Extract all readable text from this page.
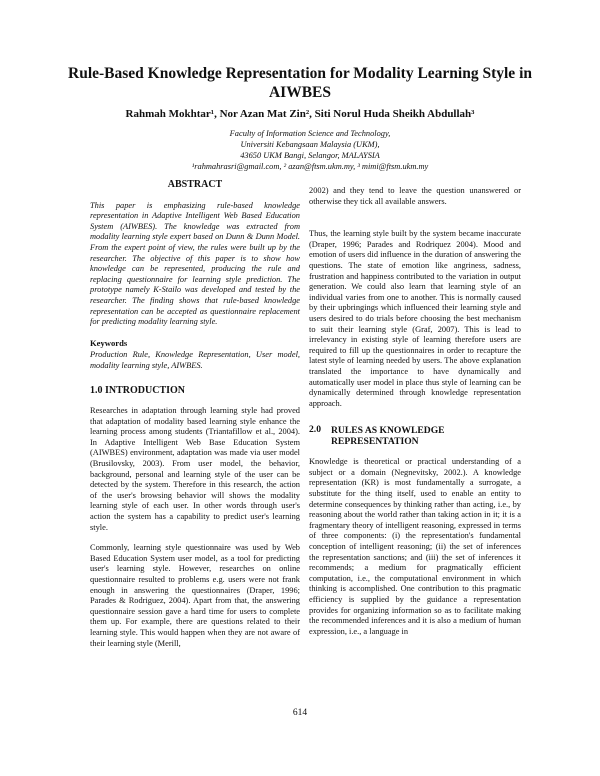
Rule-Based Knowledge Representation for Modality Learning Style in AIWBES
Rahmah Mokhtar¹, Nor Azan Mat Zin², Siti Norul Huda Sheikh Abdullah³
Faculty of Information Science and Technology,
Universiti Kebangsaan Malaysia (UKM),
43650 UKM Bangi, Selangor, MALAYSIA
¹rahmahrasri@gmail.com, ² azan@ftsm.ukm.my, ³ mimi@ftsm.ukm.my
ABSTRACT

This paper is emphasizing rule-based knowledge representation in Adaptive Intelligent Web Based Education System (AIWBES). The knowledge was extracted from modality learning style expert based on Dunn & Dunn Model. From the expert point of view, the rules were built up by the researcher. The objective of this paper is to show how knowledge can be represented, producing the rule and replacing questionnaire for learning style prediction. The prototype namely K-Stailo was developed and tested by the researcher. The finding shows that rule-based knowledge representation can be accepted as questionnaire replacement for predicting modality learning style.

Keywords

Production Rule, Knowledge Representation, User model, modality learning style, AIWBES.

1.0 INTRODUCTION

Researches in adaptation through learning style had proved that adaptation of modality based learning style enhance the learning process among students (Triantafillow et al., 2004). In Adaptive Intelligent Web Base Education System (AIWBES) environment, adaptation was made via user model (Brusilovsky, 2003). From user model, the behavior, background, personal and learning style of the user can be detected by the system. Therefore in this research, the action of the user's browsing behavior will shows the modality learning style of each user. In other words through user's action the system has a capability to predict user's learning style.

Commonly, learning style questionnaire was used by Web Based Education System user model, as a tool for predicting user's learning style. However, researches on online questionnaire resulted to problems e.g. users were not frank enough in answering the questionnaires (Draper, 1996; Parades & Rodriguez, 2004). Apart from that, the answering questionnaire session gave a hard time for users to complete them up. For example, there are questions related to their learning style. This would happen when they are not aware of their learning style (Merill,

2002) and they tend to leave the question unanswered or otherwise they tick all available answers.

Thus, the learning style built by the system became inaccurate (Draper, 1996; Parades and Rodriquez 2004). Mood and emotion of users did influence in the duration of answering the questions. The state of emotion like angriness, sadness, frustration and happiness contributed to the variation in output generation. We could also learn that learning style of an individual varies from one to another. This is normally caused by their upbringings which influenced their learning style and users desired to do trials before choosing the best mechanism to suit their learning style (Graf, 2007). This is lead to irrelevancy in existing style of learning therefore users are required to fill up the questionnaires in order to recapture the latest style of learning needed by users. The above explanation translated the importance to have dynamically and automatically user model in place thus style of learning can be dynamically determined through knowledge representation approach.

2.0	RULES AS KNOWLEDGE REPRESENTATION

Knowledge is theoretical or practical understanding of a subject or a domain (Negnevitsky, 2002.). A knowledge representation (KR) is most fundamentally a surrogate, a substitute for the thing itself, used to enable an entity to determine consequences by thinking rather than acting, i.e., by reasoning about the world rather than taking action in it; it is a fragmentary theory of intelligent reasoning, expressed in terms of three components: (i) the representation's fundamental conception of intelligent reasoning; (ii) the set of inferences the representation sanctions; and (iii) the set of inferences it recommends; a medium for pragmatically efficient computation, i.e., the computational environment in which thinking is accomplished. One contribution to this pragmatic efficiency is supplied by the guidance a representation provides for organizing information so as to facilitate making the recommended inferences and it is also a medium of human expression, i.e., a language in

614
